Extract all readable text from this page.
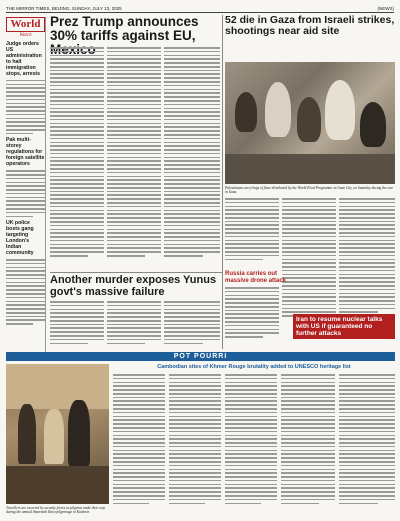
THE MIRROR TIMES, BEIJING, SUNDAY, JULY 13, 2025	(NEWS)
World
Watch
Judge orders US administration to halt immigration stops, arrests
Pak multi-storey regulations for foreign satellite operators
UK police bosts gang targeting London's Indian community
Prez Trump announces 30% tariffs against EU,
52 die in Gaza from Israeli strikes, shootings near aid site
Palestinians carry bags of flour distributed by the World Food Programme in Gaza City, on Saturday during the war in Gaza.
Russia carries out massive drone attack
Another murder exposes Yunus govt's massive failure
Iran to resume nuclear talks with US if guaranteed no further attacks
POT POURRI
Travellers are escorted by security forces as pilgrims make their way during the annual Amarnath Yatra pilgrimage in Kashmir.
Cambodian sites of Khmer Rouge brutality added to UNESCO heritage list
